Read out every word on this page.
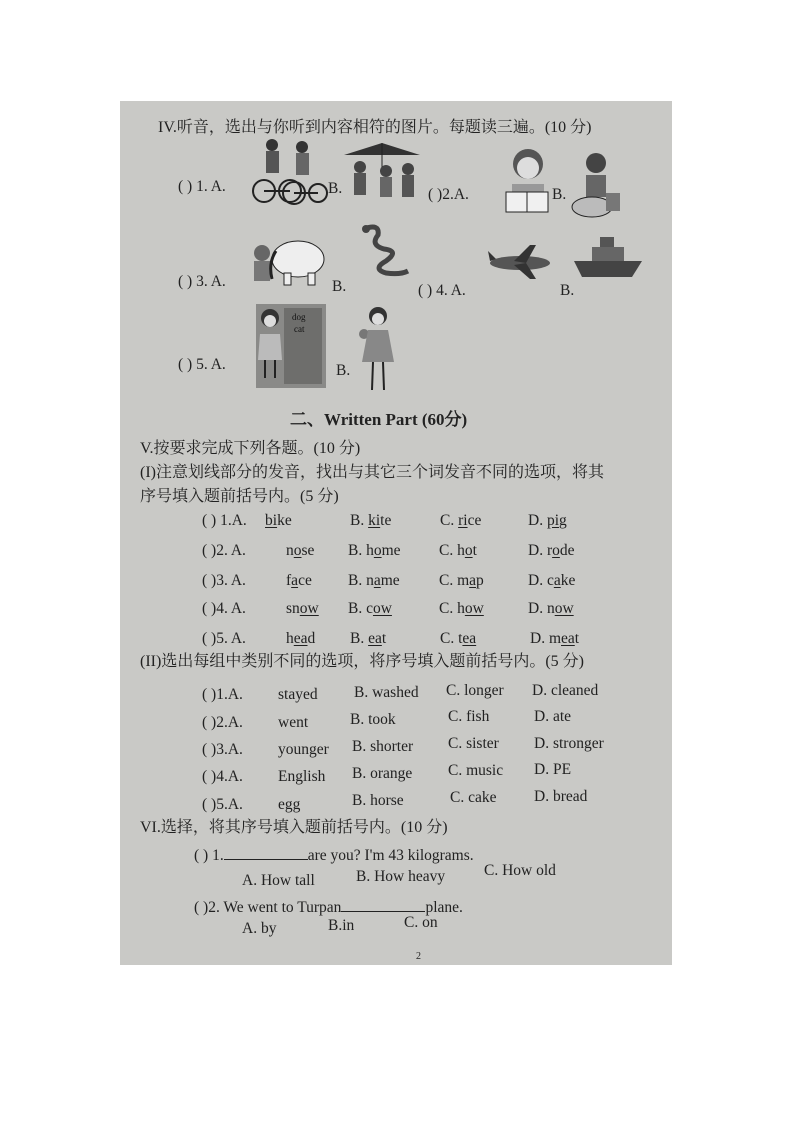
IV.听音，选出与你听到内容相符的图片。每题读三遍。(10 分)
( ) 1. A.	B.	( )2.A.	B.
( ) 3. A.	B.	( ) 4. A.	B.
( ) 5. A.
dog
cat
B.
二、Written Part (60分)
V.按要求完成下列各题。(10 分)
(I)注意划线部分的发音，找出与其它三个词发音不同的选项，将其
序号填入题前括号内。(5 分)
( ) 1.A. bike	B. kite	C. rice	D. pig
( )2. A.	nose B. home C. hot	D. rode
( )3. A.	face B. name	C. map	D. cake
( )4. A.	snow B. cow	C. how	D. now
( )5. A.	head B. eat	C. tea	D. meat
(II)选出每组中类别不同的选项，将序号填入题前括号内。(5 分)
( )1.A. stayed B. washed C. longer D. cleaned
( )2.A. went	B. took	C. fish	D. ate
( )3.A. younger B. shorter C. sister D. stronger
( )4.A. English B. orange C. music D. PE
( )5.A. egg	B. horse	C. cake D. bread
VI.选择，将其序号填入题前括号内。(10 分)
( ) 1.	are you? I'm 43 kilograms.
A. How tall	B. How heavy	C. How old
( )2. We went to Turpan	plane.
A. by	B.in	C. on
2
